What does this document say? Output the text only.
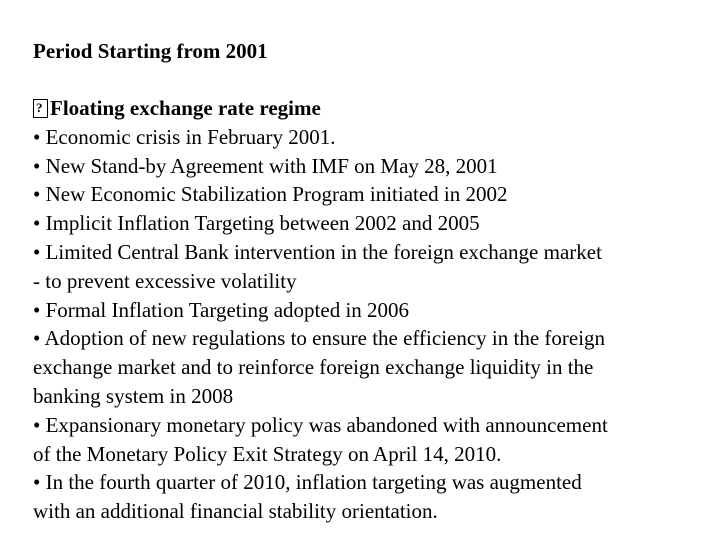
Period Starting from 2001
?Floating exchange rate regime
• Economic crisis in February 2001.
• New Stand-by Agreement with IMF on May 28, 2001
• New Economic Stabilization Program initiated in 2002
• Implicit Inflation Targeting between 2002 and 2005
• Limited Central Bank intervention in the foreign exchange market
- to prevent excessive volatility
• Formal Inflation Targeting adopted in 2006
• Adoption of new regulations to ensure the efficiency in the foreign
exchange market and to reinforce foreign exchange liquidity in the
banking system in 2008
• Expansionary monetary policy was abandoned with announcement
of the Monetary Policy Exit Strategy on April 14, 2010.
• In the fourth quarter of 2010, inflation targeting was augmented
with an additional financial stability orientation.
